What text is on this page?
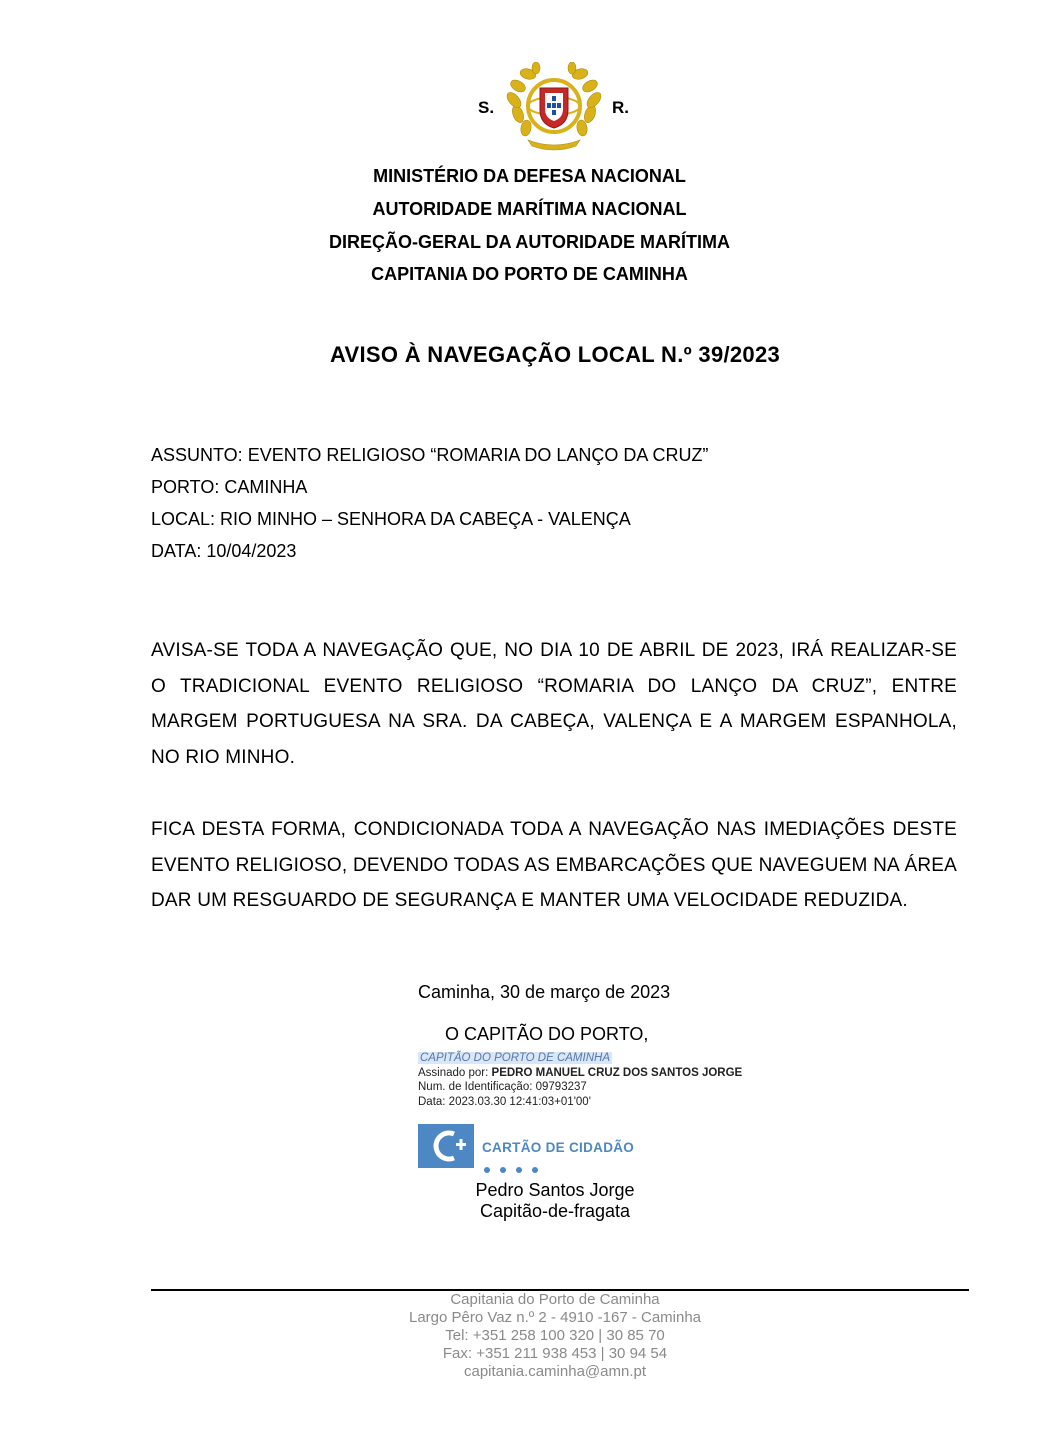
S.	R.
MINISTÉRIO DA DEFESA NACIONAL
AUTORIDADE MARÍTIMA NACIONAL
DIREÇÃO-GERAL DA AUTORIDADE MARÍTIMA
CAPITANIA DO PORTO DE CAMINHA
AVISO À NAVEGAÇÃO LOCAL N.º 39/2023
ASSUNTO: EVENTO RELIGIOSO “ROMARIA DO LANÇO DA CRUZ”
PORTO: CAMINHA
LOCAL: RIO MINHO – SENHORA DA CABEÇA - VALENÇA
DATA: 10/04/2023
AVISA-SE TODA A NAVEGAÇÃO QUE, NO DIA 10 DE ABRIL DE 2023, IRÁ REALIZAR-SE O TRADICIONAL EVENTO RELIGIOSO “ROMARIA DO LANÇO DA CRUZ”, ENTRE MARGEM PORTUGUESA NA SRA. DA CABEÇA, VALENÇA E A MARGEM ESPANHOLA, NO RIO MINHO.
FICA DESTA FORMA, CONDICIONADA TODA A NAVEGAÇÃO NAS IMEDIAÇÕES DESTE EVENTO RELIGIOSO, DEVENDO TODAS AS EMBARCAÇÕES QUE NAVEGUEM NA ÁREA DAR UM RESGUARDO DE SEGURANÇA E MANTER UMA VELOCIDADE REDUZIDA.
Caminha, 30 de março de 2023
O CAPITÃO DO PORTO,
CAPITÃO DO PORTO DE CAMINHA
Assinado por: PEDRO MANUEL CRUZ DOS SANTOS JORGE
Num. de Identificação: 09793237
Data: 2023.03.30 12:41:03+01'00'
CARTÃO DE CIDADÃO
Pedro Santos Jorge
Capitão-de-fragata
Capitania do Porto de Caminha
Largo Pêro Vaz n.º 2 - 4910 -167 - Caminha
Tel: +351 258 100 320 | 30 85 70
Fax: +351 211 938 453 | 30 94 54
capitania.caminha@amn.pt
